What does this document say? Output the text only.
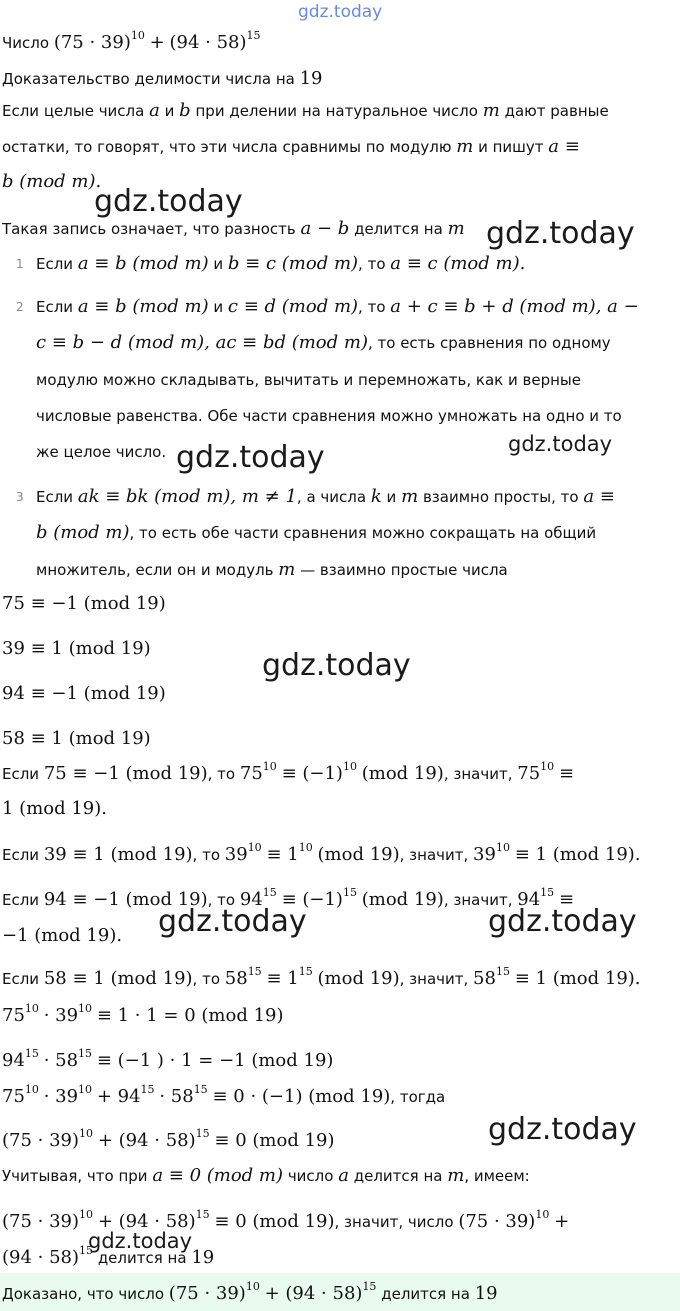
gdz.today
Число $(75 \cdot 39)^{10} + (94 \cdot 58)^{15}$
Доказательство делимости числа на 19
Если целые числа a и b при делении на натуральное число m дают равные
остатки, то говорят, что эти числа сравнимы по модулю m и пишут a ≡
b (mod m).
Такая запись означает, что разность a − b делится на m
1 Если a ≡ b (mod m) и b ≡ c (mod m), то a ≡ c (mod m).
2 Если a ≡ b (mod m) и c ≡ d (mod m), то a + c ≡ b + d (mod m), a −
c ≡ b − d (mod m), ac ≡ bd (mod m), то есть сравнения по одному
модулю можно складывать, вычитать и перемножать, как и верные
числовые равенства. Обе части сравнения можно умножать на одно и то
же целое число.
3 Если ak ≡ bk (mod m), m ≠ 1, а числа k и m взаимно просты, то a ≡
b (mod m), то есть обе части сравнения можно сокращать на общий
множитель, если он и модуль m — взаимно простые числа
75 ≡ −1 (mod 19)
39 ≡ 1 (mod 19)
94 ≡ −1 (mod 19)
58 ≡ 1 (mod 19)
Если 75 ≡ −1 (mod 19), то $75^{10} \equiv (-1)^{10}$ (mod 19), значит, $75^{10}$ ≡
1 (mod 19).
Если 39 ≡ 1 (mod 19), то $39^{10} \equiv 1^{10}$ (mod 19), значит, $39^{10} \equiv 1$ (mod 19).
Если 94 ≡ −1 (mod 19), то $94^{15} \equiv (-1)^{15}$ (mod 19), значит, $94^{15}$ ≡
−1 (mod 19).
Если 58 ≡ 1 (mod 19), то $58^{15} \equiv 1^{15}$ (mod 19), значит, $58^{15} \equiv 1$ (mod 19).
$75^{10} \cdot 39^{10} \equiv 1 \cdot 1 = 0$ (mod 19)
$94^{15} \cdot 58^{15} \equiv (-1$ ) · 1 = −1 (mod 19)
$75^{10} \cdot 39^{10} + 94^{15} \cdot 58^{15} \equiv 0 \cdot (-1)$ (mod 19), тогда
$(75 \cdot 39)^{10} + (94 \cdot 58)^{15} \equiv 0$ (mod 19)
Учитывая, что при a ≡ 0 (mod m) число a делится на m, имеем:
$(75 \cdot 39)^{10} + (94 \cdot 58)^{15} \equiv 0$ (mod 19), значит, число $(75 \cdot 39)^{10}$ +
$(94 \cdot 58)^{15}$ делится на 19
Доказано, что число $(75 \cdot 39)^{10} + (94 \cdot 58)^{15}$ делится на 19
gdz.today
gdz.today
gdz.today	gdz.today
gdz.today
gdz.today	gdz.today
gdz.today
gdz.today
